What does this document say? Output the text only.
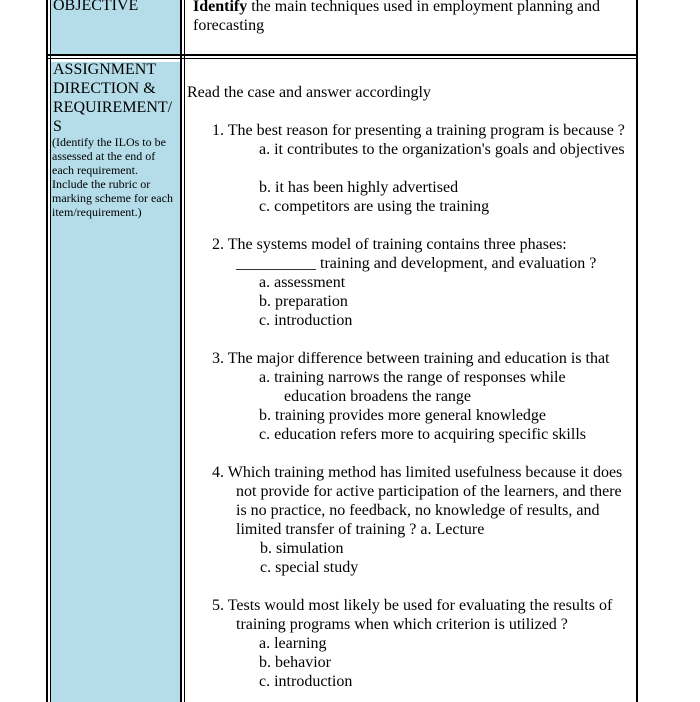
OBJECTIVE	Identify the main techniques used in employment planning and
forecasting
ASSIGNMENT
DIRECTION &
REQUIREMENT/
S
(Identify the ILOs to be
assessed at the end of
each requirement.
Include the rubric or
marking scheme for each
item/requirement.)
Read the case and answer accordingly
1. The best reason for presenting a training program is because ?
a. it contributes to the organization's goals and objectives
b. it has been highly advertised
c. competitors are using the training
2. The systems model of training contains three phases:
__________ training and development, and evaluation ?
a. assessment
b. preparation
c. introduction
3. The major difference between training and education is that
a. training narrows the range of responses while
education broadens the range
b. training provides more general knowledge
c. education refers more to acquiring specific skills
4. Which training method has limited usefulness because it does
not provide for active participation of the learners, and there
is no practice, no feedback, no knowledge of results, and
limited transfer of training ? a. Lecture
b. simulation
c. special study
5. Tests would most likely be used for evaluating the results of
training programs when which criterion is utilized ?
a. learning
b. behavior
c. introduction
